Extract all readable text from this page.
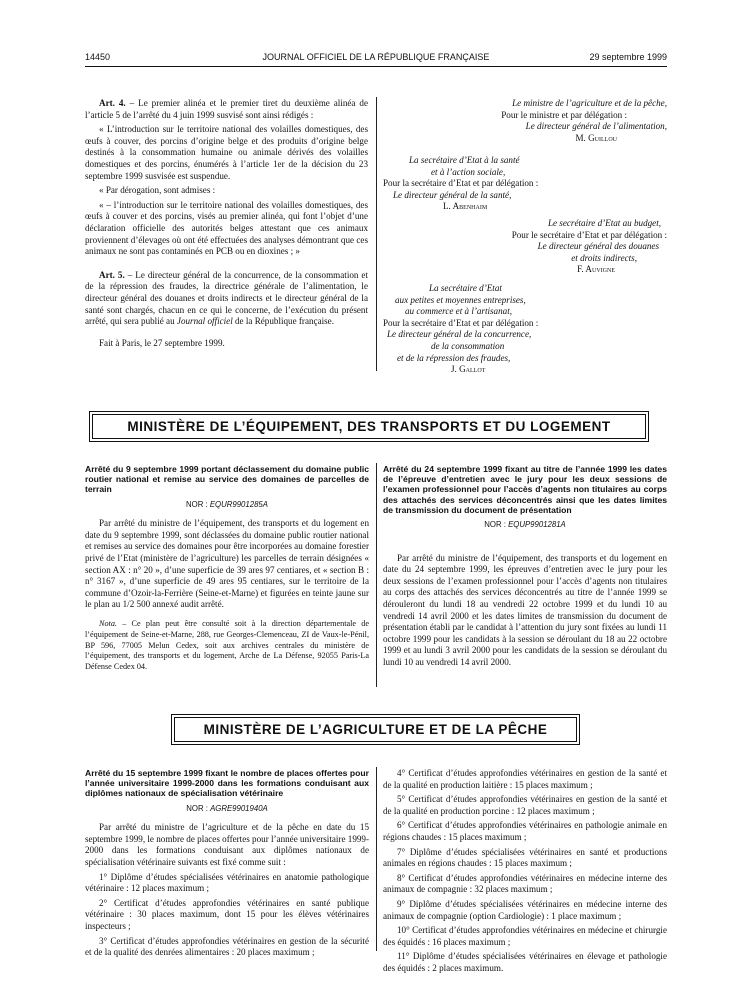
14450	JOURNAL OFFICIEL DE LA RÉPUBLIQUE FRANÇAISE	29 septembre 1999

Art. 4. – Le premier alinéa et le premier tiret du deuxième alinéa de l’article 5 de l’arrêté du 4 juin 1999 susvisé sont ainsi rédigés :

« L’introduction sur le territoire national des volailles domestiques, des œufs à couver, des porcins d’origine belge et des produits d’origine belge destinés à la consommation humaine ou animale dérivés des volailles domestiques et des porcins, énumérés à l’article 1er de la décision du 23 septembre 1999 susvisée est suspendue.

« Par dérogation, sont admises :

« – l’introduction sur le territoire national des volailles domestiques, des œufs à couver et des porcins, visés au premier alinéa, qui font l’objet d’une déclaration officielle des autorités belges attestant que ces animaux proviennent d’élevages où ont été effectuées des analyses démontrant que ces animaux ne sont pas contaminés en PCB ou en dioxines ; »

Art. 5. – Le directeur général de la concurrence, de la consommation et de la répression des fraudes, la directrice générale de l’alimentation, le directeur général des douanes et droits indirects et le directeur général de la santé sont chargés, chacun en ce qui le concerne, de l’exécution du présent arrêté, qui sera publié au Journal officiel de la République française.

Fait à Paris, le 27 septembre 1999.

Le ministre de l’agriculture et de la pêche,
Pour le ministre et par délégation :
Le directeur général de l’alimentation,
M. Guillou
La secrétaire d’Etat à la santé
et à l’action sociale,
Pour la secrétaire d’Etat et par délégation :
Le directeur général de la santé,
L. Abenhaim
Le secrétaire d’Etat au budget,
Pour le secrétaire d’Etat et par délégation :
Le directeur général des douanes
et droits indirects,
F. Auvigne
La secrétaire d’Etat
aux petites et moyennes entreprises,
au commerce et à l’artisanat,
Pour la secrétaire d’Etat et par délégation :
Le directeur général de la concurrence,
de la consommation
et de la répression des fraudes,
J. Gallot
MINISTÈRE DE L’ÉQUIPEMENT, DES TRANSPORTS ET DU LOGEMENT
Arrêté du 9 septembre 1999 portant déclassement du domaine public routier national et remise au service des domaines de parcelles de terrain
NOR : EQUR9901285A

Par arrêté du ministre de l’équipement, des transports et du logement en date du 9 septembre 1999, sont déclassées du domaine public routier national et remises au service des domaines pour être incorporées au domaine forestier privé de l’Etat (ministère de l’agriculture) les parcelles de terrain désignées « section AX : n° 20 », d’une superficie de 39 ares 97 centiares, et « section B : n° 3167 », d’une superficie de 49 ares 95 centiares, sur le territoire de la commune d’Ozoir-la-Ferrière (Seine-et-Marne) et figurées en teinte jaune sur le plan au 1/2 500 annexé audit arrêté.

Nota. – Ce plan peut être consulté soit à la direction départementale de l’équipement de Seine-et-Marne, 288, rue Georges-Clemenceau, ZI de Vaux-le-Pénil, BP 596, 77005 Melun Cedex, soit aux archives centrales du ministère de l’équipement, des transports et du logement, Arche de La Défense, 92055 Paris-La Défense Cedex 04.

Arrêté du 24 septembre 1999 fixant au titre de l’année 1999 les dates de l’épreuve d’entretien avec le jury pour les deux sessions de l’examen professionnel pour l’accès d’agents non titulaires au corps des attachés des services déconcentrés ainsi que les dates limites de transmission du document de présentation
NOR : EQUP9901281A

Par arrêté du ministre de l’équipement, des transports et du logement en date du 24 septembre 1999, les épreuves d’entretien avec le jury pour les deux sessions de l’examen professionnel pour l’accès d’agents non titulaires au corps des attachés des services déconcentrés au titre de l’année 1999 se dérouleront du lundi 18 au vendredi 22 octobre 1999 et du lundi 10 au vendredi 14 avril 2000 et les dates limites de transmission du document de présentation établi par le candidat à l’attention du jury sont fixées au lundi 11 octobre 1999 pour les candidats à la session se déroulant du 18 au 22 octobre 1999 et au lundi 3 avril 2000 pour les candidats de la session se déroulant du lundi 10 au vendredi 14 avril 2000.

MINISTÈRE DE L’AGRICULTURE ET DE LA PÊCHE
Arrêté du 15 septembre 1999 fixant le nombre de places offertes pour l’année universitaire 1999-2000 dans les formations conduisant aux diplômes nationaux de spécialisation vétérinaire
NOR : AGRE9901940A

Par arrêté du ministre de l’agriculture et de la pêche en date du 15 septembre 1999, le nombre de places offertes pour l’année universitaire 1999-2000 dans les formations conduisant aux diplômes nationaux de spécialisation vétérinaire suivants est fixé comme suit :

1° Diplôme d’études spécialisées vétérinaires en anatomie pathologique vétérinaire : 12 places maximum ;

2° Certificat d’études approfondies vétérinaires en santé publique vétérinaire : 30 places maximum, dont 15 pour les élèves vétérinaires inspecteurs ;

3° Certificat d’études approfondies vétérinaires en gestion de la sécurité et de la qualité des denrées alimentaires : 20 places maximum ;

4° Certificat d’études approfondies vétérinaires en gestion de la santé et de la qualité en production laitière : 15 places maximum ;

5° Certificat d’études approfondies vétérinaires en gestion de la santé et de la qualité en production porcine : 12 places maximum ;

6° Certificat d’études approfondies vétérinaires en pathologie animale en régions chaudes : 15 places maximum ;

7° Diplôme d’études spécialisées vétérinaires en santé et productions animales en régions chaudes : 15 places maximum ;

8° Certificat d’études approfondies vétérinaires en médecine interne des animaux de compagnie : 32 places maximum ;

9° Diplôme d’études spécialisées vétérinaires en médecine interne des animaux de compagnie (option Cardiologie) : 1 place maximum ;

10° Certificat d’études approfondies vétérinaires en médecine et chirurgie des équidés : 16 places maximum ;

11° Diplôme d’études spécialisées vétérinaires en élevage et pathologie des équidés : 2 places maximum.
